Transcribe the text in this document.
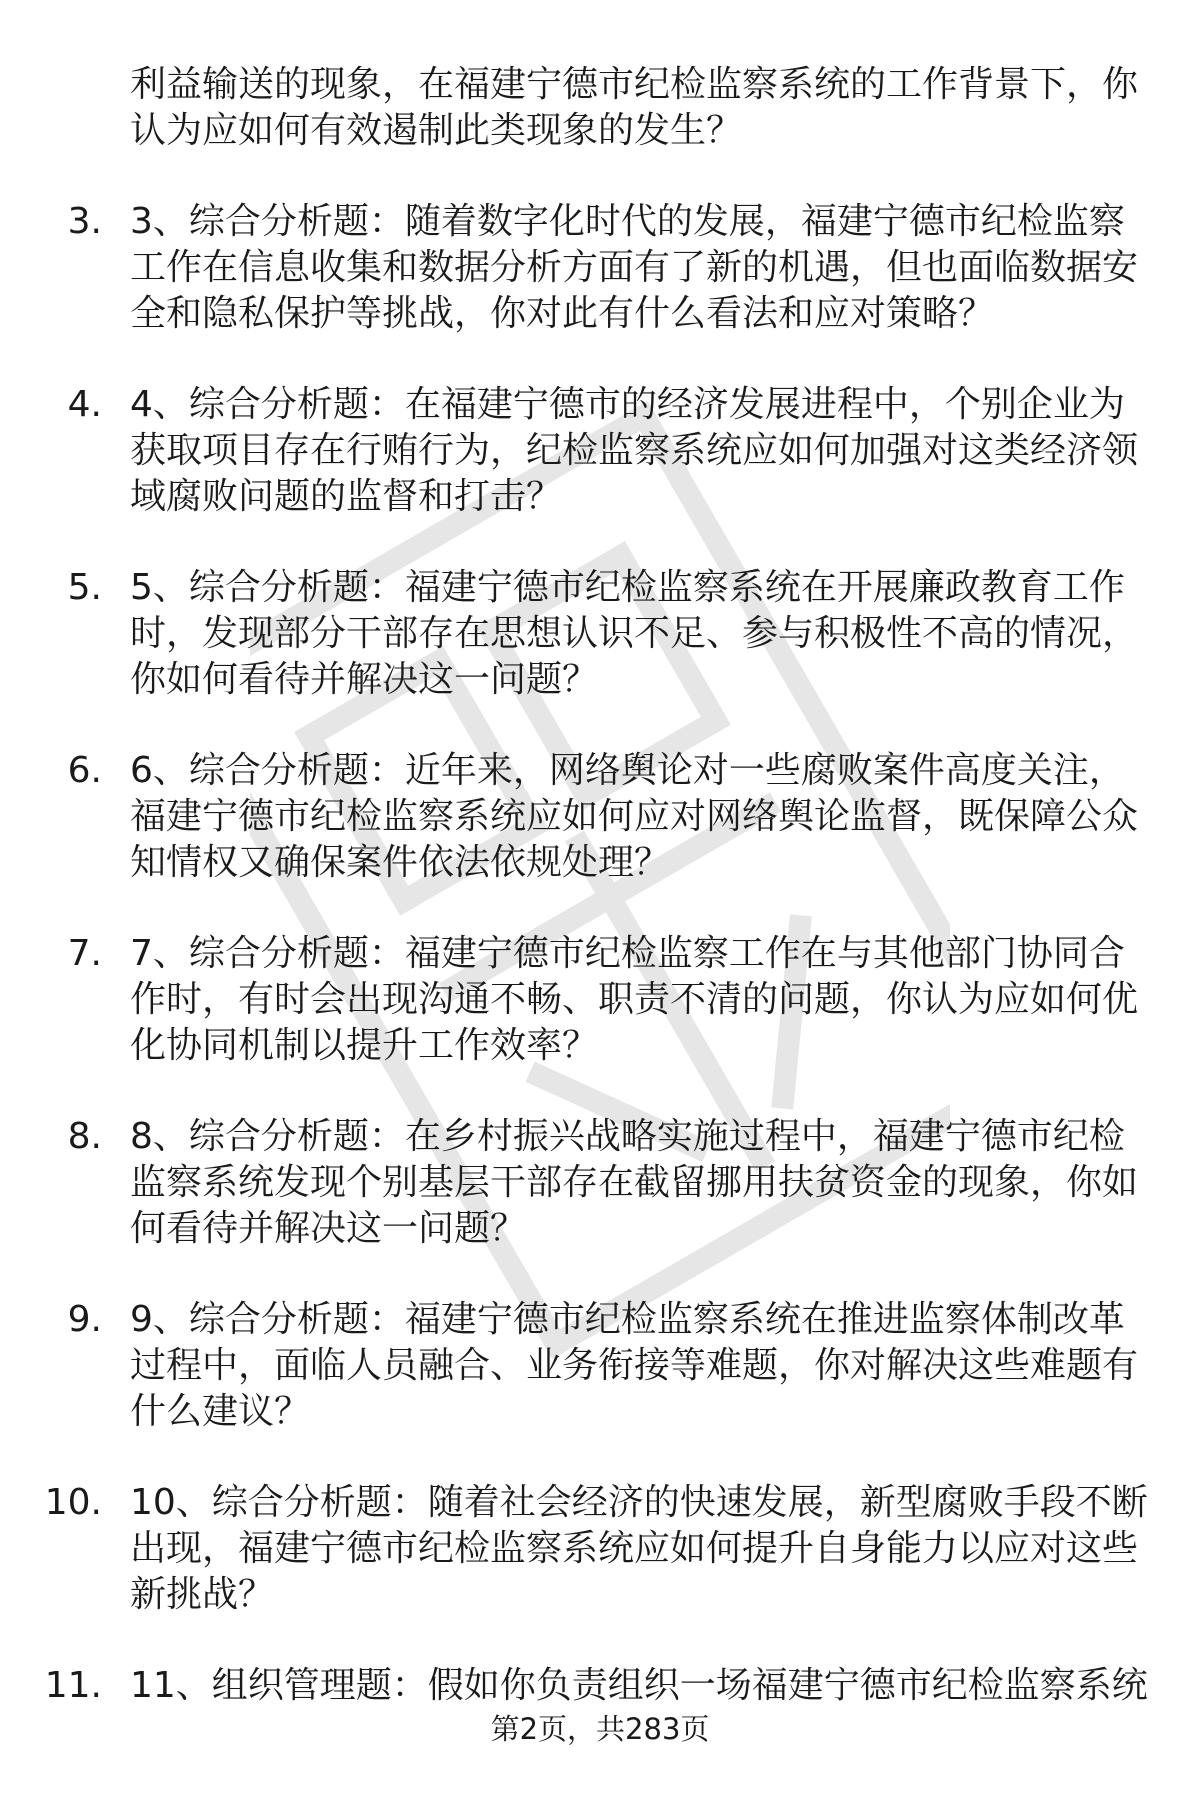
利益输送的现象，在福建宁德市纪检监察系统的工作背景下，你认为应如何有效遏制此类现象的发生？

3. 3、综合分析题：随着数字化时代的发展，福建宁德市纪检监察工作在信息收集和数据分析方面有了新的机遇，但也面临数据安全和隐私保护等挑战，你对此有什么看法和应对策略？
4. 4、综合分析题：在福建宁德市的经济发展进程中，个别企业为获取项目存在行贿行为，纪检监察系统应如何加强对这类经济领域腐败问题的监督和打击？
5. 5、综合分析题：福建宁德市纪检监察系统在开展廉政教育工作时，发现部分干部存在思想认识不足、参与积极性不高的情况，你如何看待并解决这一问题？
6. 6、综合分析题：近年来，网络舆论对一些腐败案件高度关注，福建宁德市纪检监察系统应如何应对网络舆论监督，既保障公众知情权又确保案件依法依规处理？
7. 7、综合分析题：福建宁德市纪检监察工作在与其他部门协同合作时，有时会出现沟通不畅、职责不清的问题，你认为应如何优化协同机制以提升工作效率？
8. 8、综合分析题：在乡村振兴战略实施过程中，福建宁德市纪检监察系统发现个别基层干部存在截留挪用扶贫资金的现象，你如何看待并解决这一问题？
9. 9、综合分析题：福建宁德市纪检监察系统在推进监察体制改革过程中，面临人员融合、业务衔接等难题，你对解决这些难题有什么建议？
10. 10、综合分析题：随着社会经济的快速发展，新型腐败手段不断出现，福建宁德市纪检监察系统应如何提升自身能力以应对这些新挑战？
11. 11、组织管理题：假如你负责组织一场福建宁德市纪检监察系统
第2页，共283页
